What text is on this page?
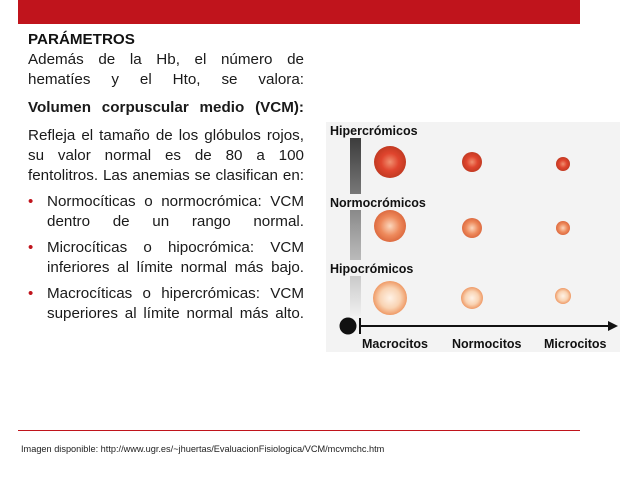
PARÁMETROS

Además de la Hb, el número de hematíes y el Hto, se valora:

Volumen corpuscular medio (VCM):

Refleja el tamaño de los glóbulos rojos, su valor normal es de 80 a 100 fentolitros. Las anemias se clasifican en:

• Normocíticas o normocrómica: VCM dentro de un rango normal.
• Microcíticas o hipocrómica: VCM inferiores al límite normal más bajo.
• Macrocíticas o hipercrómicas: VCM superiores al límite normal más alto.
Hipercrómicos
Normocrómicos
Hipocrómicos
Macrocitos Normocitos Microcitos
Imagen disponible: http://www.ugr.es/~jhuertas/EvaluacionFisiologica/VCM/mcvmchc.htm
